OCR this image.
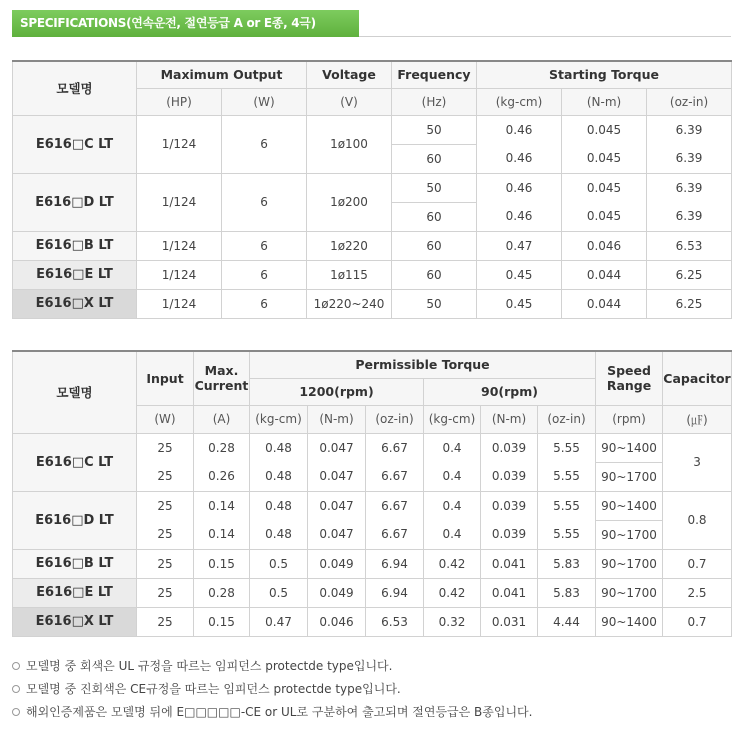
SPECIFICATIONS(연속운전, 절연등급 A or E종, 4극)
모델명	Maximum Output		Voltage	Frequency	Starting Torque		
	(HP)	(W)	(V)	(Hz)	(kg-cm)	(N-m)	(oz-in)
E616□C LT	1/124	6	1ø100	50	0.46	0.045	6.39
				60	0.46	0.045	6.39
E616□D LT	1/124	6	1ø200	50	0.46	0.045	6.39
				60	0.46	0.045	6.39
E616□B LT	1/124	6	1ø220	60	0.47	0.046	6.53
E616□E LT	1/124	6	1ø115	60	0.45	0.044	6.25
E616□X LT	1/124	6	1ø220~240	50	0.45	0.044	6.25
모델명	Input	Max. Current	Permissible Torque						Speed Range	Capacitor
			1200(rpm)			90(rpm)				
	(W)	(A)	(kg-cm)	(N-m)	(oz-in)	(kg-cm)	(N-m)	(oz-in)	(rpm)	(㎌)
E616□C LT	25	0.28	0.48	0.047	6.67	0.4	0.039	5.55	90~1400	3
	25	0.26	0.48	0.047	6.67	0.4	0.039	5.55	90~1700	
E616□D LT	25	0.14	0.48	0.047	6.67	0.4	0.039	5.55	90~1400	0.8
	25	0.14	0.48	0.047	6.67	0.4	0.039	5.55	90~1700	
E616□B LT	25	0.15	0.5	0.049	6.94	0.42	0.041	5.83	90~1700	0.7
E616□E LT	25	0.28	0.5	0.049	6.94	0.42	0.041	5.83	90~1700	2.5
E616□X LT	25	0.15	0.47	0.046	6.53	0.32	0.031	4.44	90~1400	0.7
모델명 중 회색은 UL 규정을 따르는 임피던스 protectde type입니다.
모델명 중 진회색은 CE규정을 따르는 임피던스 protectde type입니다.
해외인증제품은 모델명 뒤에 E□□□□□-CE or UL로 구분하여 출고되며 절연등급은 B종입니다.
